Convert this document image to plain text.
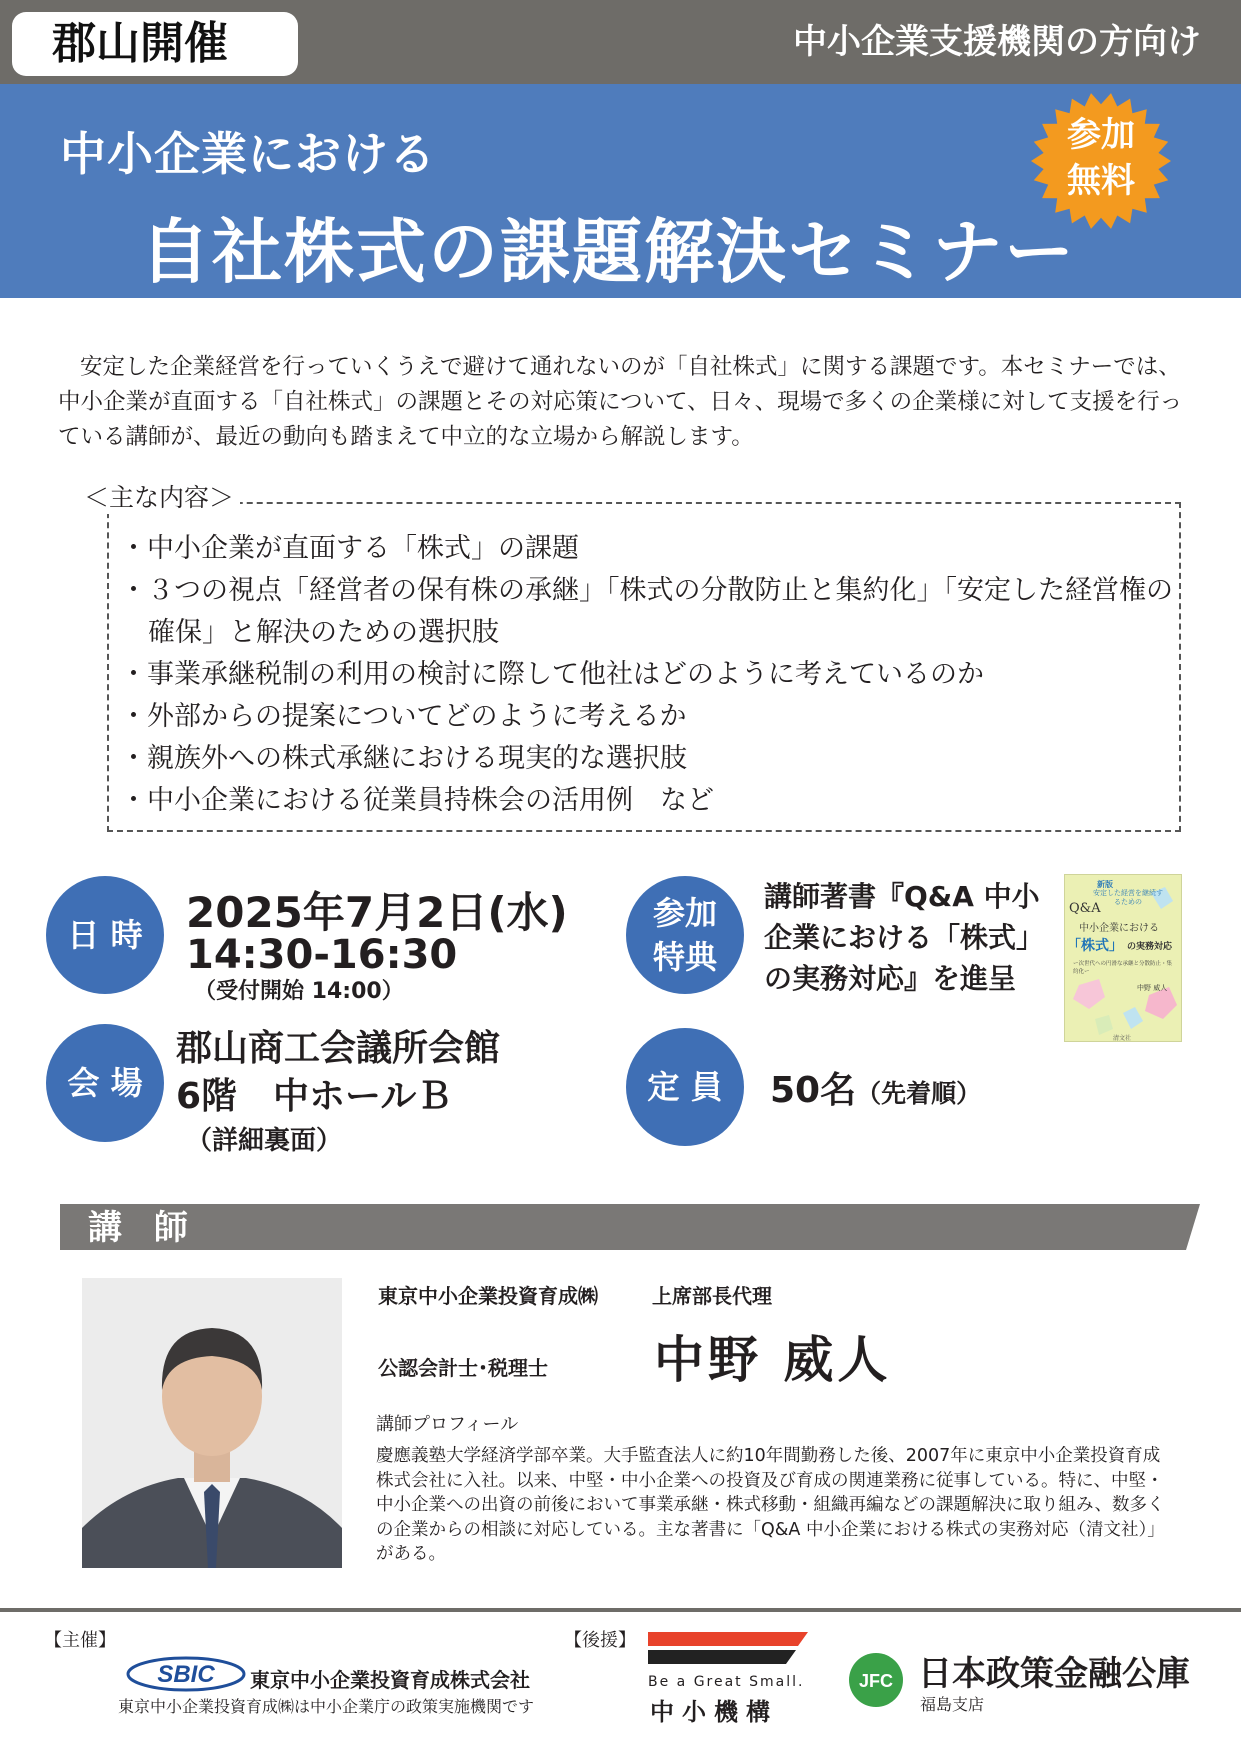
郡山開催	中小企業支援機関の方向け
中小企業における
自社株式の課題解決セミナー
参加
無料
安定した企業経営を行っていくうえで避けて通れないのが「自社株式」に関する課題です。本セミナーでは、中小企業が直面する「自社株式」の課題とその対応策について、日々、現場で多くの企業様に対して支援を行っている講師が、最近の動向も踏まえて中立的な立場から解説します。
＜主な内容＞
・中小企業が直面する「株式」の課題
・３つの視点「経営者の保有株の承継」「株式の分散防止と集約化」「安定した経営権の確保」と解決のための選択肢
・事業承継税制の利用の検討に際して他社はどのように考えているのか
・外部からの提案についてどのように考えるか
・親族外への株式承継における現実的な選択肢
・中小企業における従業員持株会の活用例　など
日 時	2025年7月2日(水)
14:30-16:30
（受付開始 14:00）
会 場
郡山商工会議所会館
6階　中ホールＢ
（詳細裏面）
参加
特典
講師著書『Q&A 中小企業における「株式」の実務対応』を進呈
新版
安定した経営を継続するための
Q&A
中小企業における
「株式」 の実務対応
ー次世代への円滑な承継と分散防止・集約化ー
中野 威人
清文社
定 員	50名（先着順）
講 師
東京中小企業投資育成㈱	上席部長代理
公認会計士･税理士 中野 威人
講師プロフィール
慶應義塾大学経済学部卒業。大手監査法人に約10年間勤務した後、2007年に東京中小企業投資育成株式会社に入社。以来、中堅・中小企業への投資及び育成の関連業務に従事している。特に、中堅・中小企業への出資の前後において事業承継・株式移動・組織再編などの課題解決に取り組み、数多くの企業からの相談に対応している。主な著書に「Q&A 中小企業における株式の実務対応（清文社）」がある。
【主催】
SBIC 東京中小企業投資育成株式会社
東京中小企業投資育成㈱は中小企業庁の政策実施機関です
【後援】
Be a Great Small.
中小機構
JFC 日本政策金融公庫
福島支店
